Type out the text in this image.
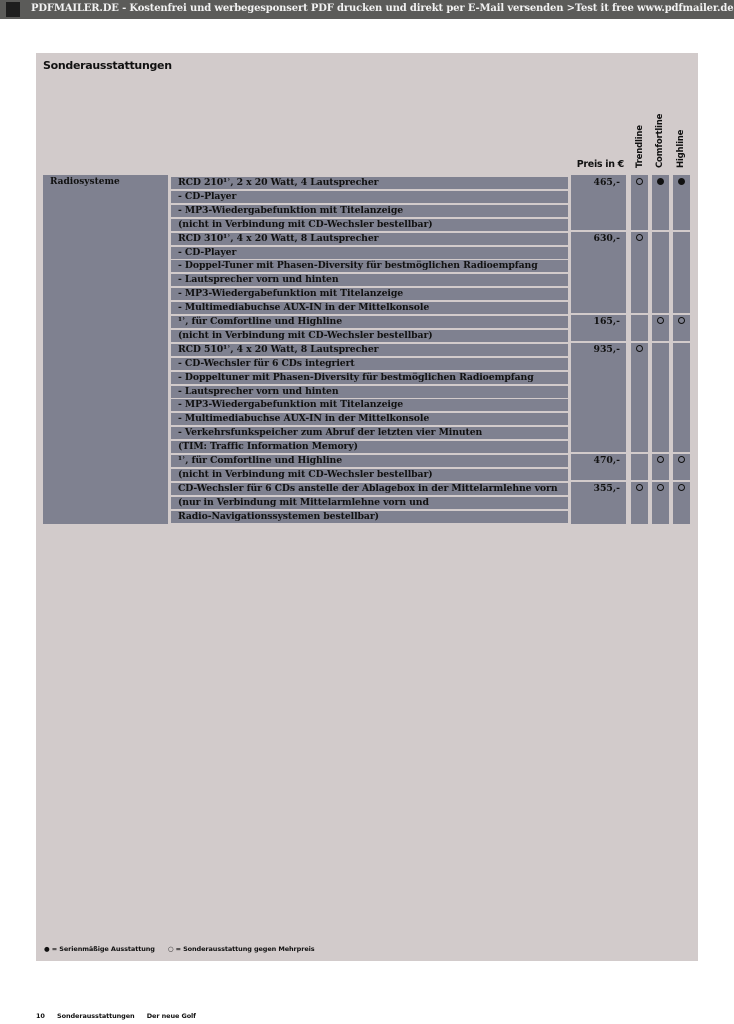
PDFMAILER.DE - Kostenfrei und werbegesponsert PDF drucken und direkt per E-Mail versenden >Test it free www.pdfmailer.de
Sonderausstattungen
Preis in € Trendline Comfortline Highline
Radiosysteme	RCD 210¹ʾ, 2 x 20 Watt, 4 Lautsprecher
- CD-Player
- MP3-Wiedergabefunktion mit Titelanzeige
(nicht in Verbindung mit CD-Wechsler bestellbar)
RCD 310¹ʾ, 4 x 20 Watt, 8 Lautsprecher
- CD-Player
- Doppel-Tuner mit Phasen-Diversity für bestmöglichen Radioempfang
- Lautsprecher vorn und hinten
- MP3-Wiedergabefunktion mit Titelanzeige
- Multimediabuchse AUX-IN in der Mittelkonsole
¹ʾ, für Comfortline und Highline
(nicht in Verbindung mit CD-Wechsler bestellbar)
RCD 510¹ʾ, 4 x 20 Watt, 8 Lautsprecher
- CD-Wechsler für 6 CDs integriert
- Doppeltuner mit Phasen-Diversity für bestmöglichen Radioempfang
- Lautsprecher vorn und hinten
- MP3-Wiedergabefunktion mit Titelanzeige
- Multimediabuchse AUX-IN in der Mittelkonsole
- Verkehrsfunkspeicher zum Abruf der letzten vier Minuten
(TIM: Traffic Information Memory)
¹ʾ, für Comfortline und Highline
(nicht in Verbindung mit CD-Wechsler bestellbar)
CD-Wechsler für 6 CDs anstelle der Ablagebox in der Mittelarmlehne vorn
(nur in Verbindung mit Mittelarmlehne vorn und
Radio-Navigationssystemen bestellbar)
465,-
630,-
165,-
935,-
470,-
355,-
● = Serienmäßige Ausstattung ○ = Sonderausstattung gegen Mehrpreis
10 Sonderausstattungen Der neue Golf
